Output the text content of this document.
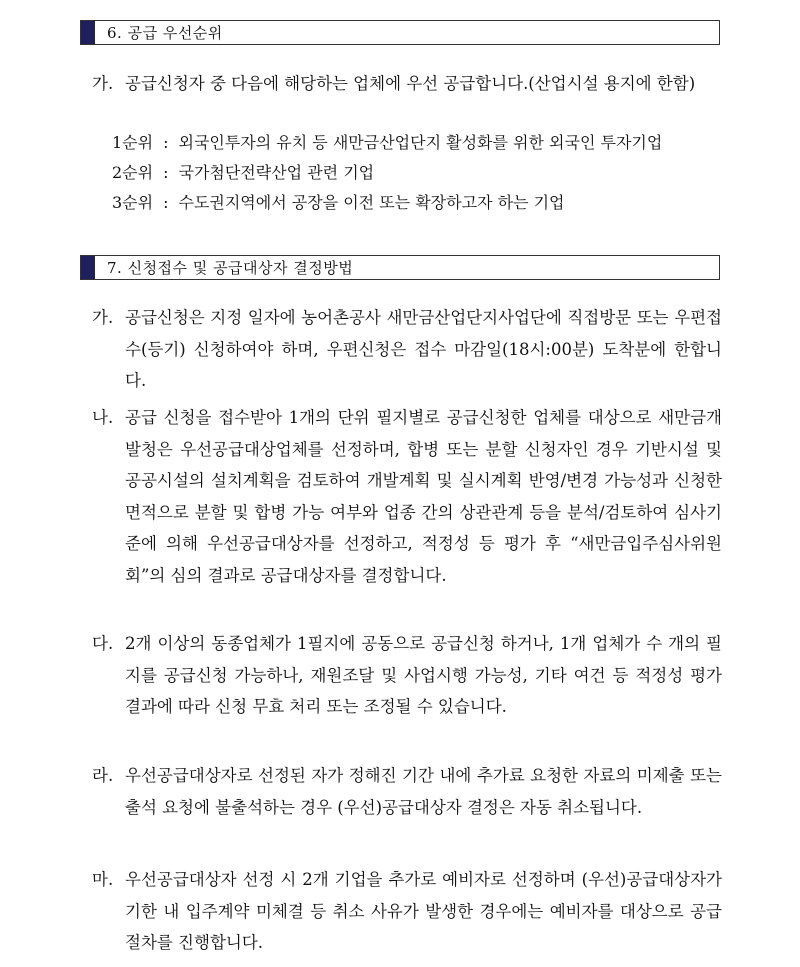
6. 공급 우선순위
가. 공급신청자 중 다음에 해당하는 업체에 우선 공급합니다.(산업시설 용지에 한함)
1순위 : 외국인투자의 유치 등 새만금산업단지 활성화를 위한 외국인 투자기업
2순위 : 국가첨단전략산업 관련 기업
3순위 : 수도권지역에서 공장을 이전 또는 확장하고자 하는 기업
7. 신청접수 및 공급대상자 결정방법
가. 공급신청은 지정 일자에 농어촌공사 새만금산업단지사업단에 직접방문 또는 우편접수(등기) 신청하여야 하며, 우편신청은 접수 마감일(18시:00분) 도착분에 한합니다.
나. 공급 신청을 접수받아 1개의 단위 필지별로 공급신청한 업체를 대상으로 새만금개발청은 우선공급대상업체를 선정하며, 합병 또는 분할 신청자인 경우 기반시설 및 공공시설의 설치계획을 검토하여 개발계획 및 실시계획 반영/변경 가능성과 신청한 면적으로 분할 및 합병 가능 여부와 업종 간의 상관관계 등을 분석/검토하여 심사기준에 의해 우선공급대상자를 선정하고, 적정성 등 평가 후 “새만금입주심사위원회”의 심의 결과로 공급대상자를 결정합니다.
다. 2개 이상의 동종업체가 1필지에 공동으로 공급신청 하거나, 1개 업체가 수 개의 필지를 공급신청 가능하나, 재원조달 및 사업시행 가능성, 기타 여건 등 적정성 평가 결과에 따라 신청 무효 처리 또는 조정될 수 있습니다.
라. 우선공급대상자로 선정된 자가 정해진 기간 내에 추가료 요청한 자료의 미제출 또는 출석 요청에 불출석하는 경우 (우선)공급대상자 결정은 자동 취소됩니다.
마. 우선공급대상자 선정 시 2개 기업을 추가로 예비자로 선정하며 (우선)공급대상자가 기한 내 입주계약 미체결 등 취소 사유가 발생한 경우에는 예비자를 대상으로 공급절차를 진행합니다.
